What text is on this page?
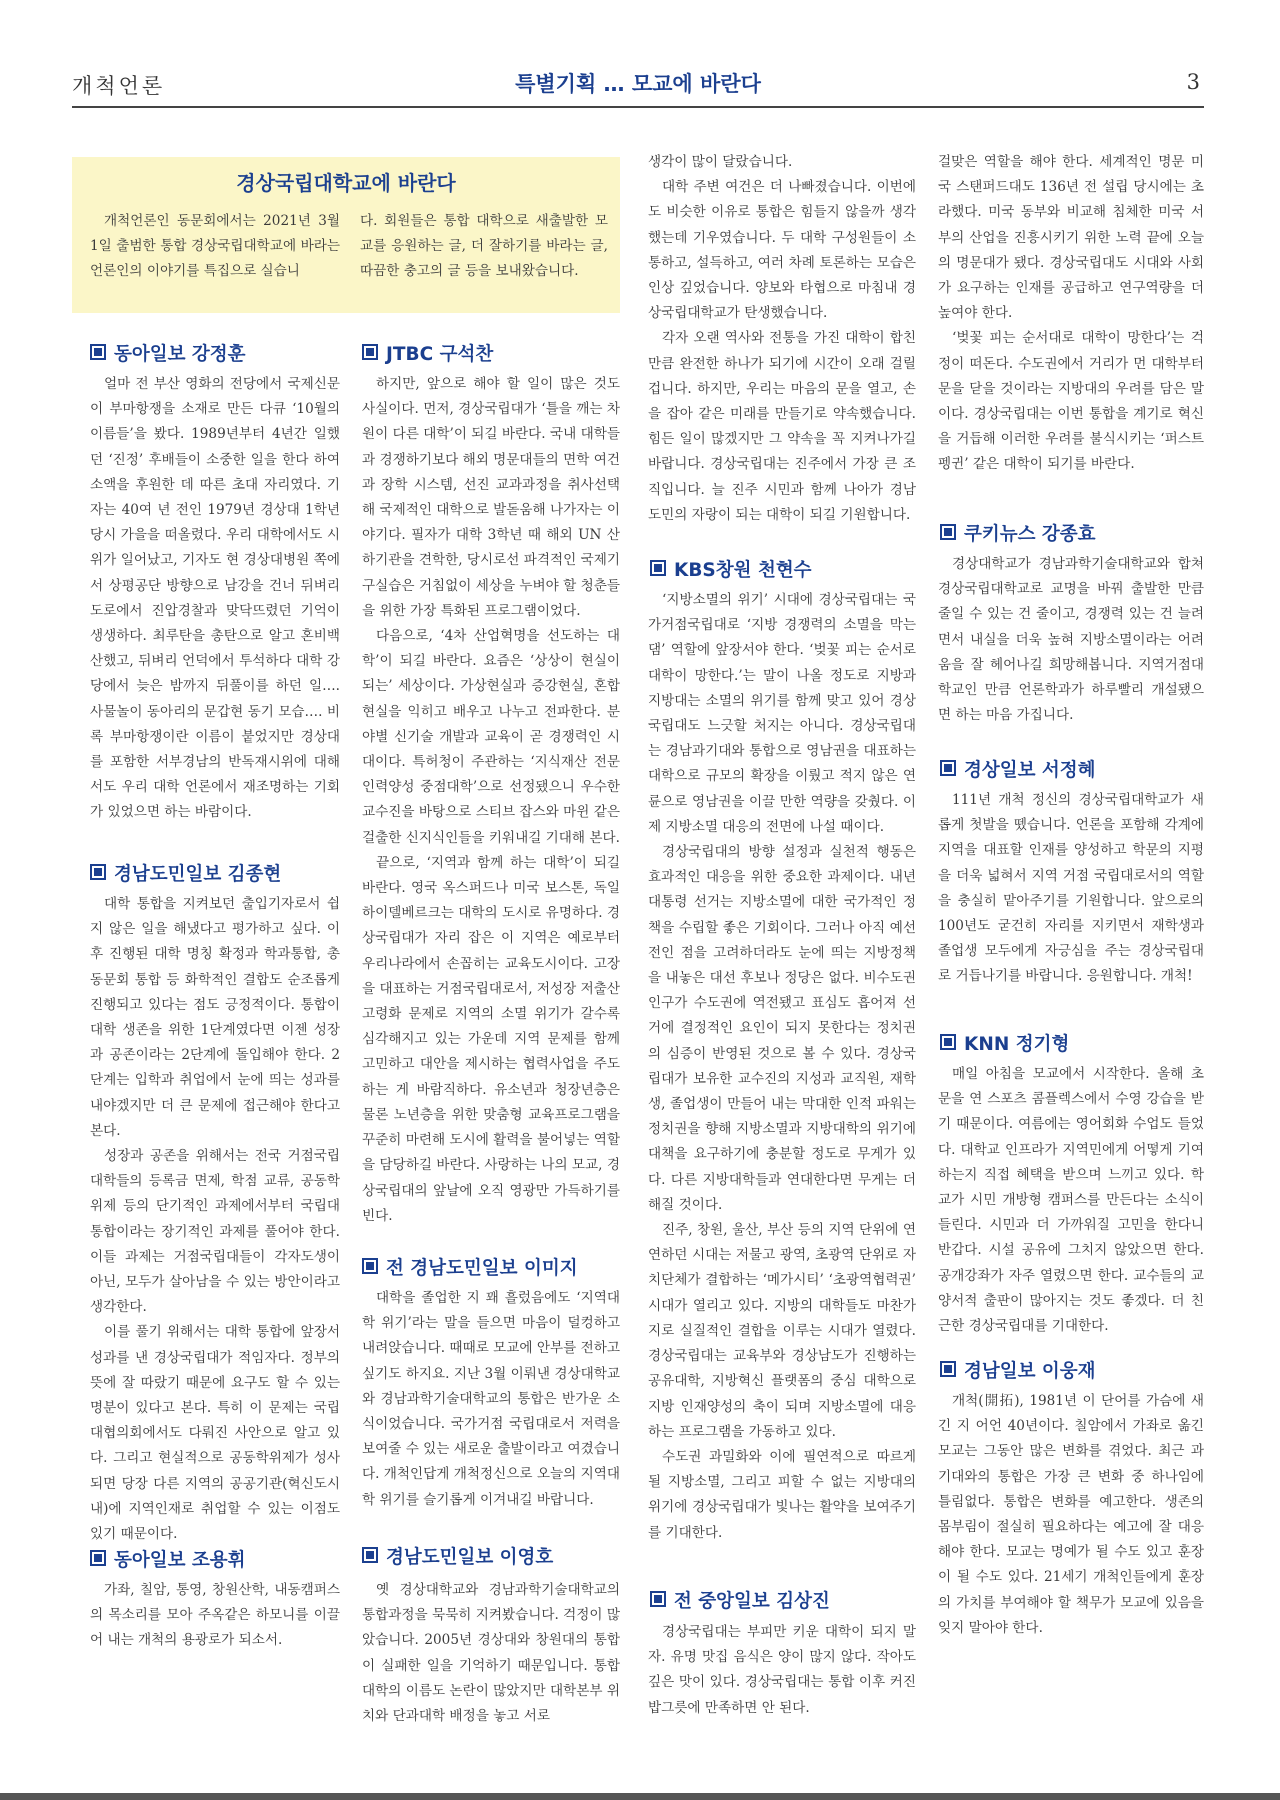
개척언론	특별기획 … 모교에 바란다	3
경상국립대학교에 바란다
개척언론인 동문회에서는 2021년 3월 1일 출범한 통합 경상국립대학교에 바라는 언론인의 이야기를 특집으로 실습니
다. 회원들은 통합 대학으로 새출발한 모교를 응원하는 글, 더 잘하기를 바라는 글, 따끔한 충고의 글 등을 보내왔습니다.
동아일보 강정훈

얼마 전 부산 영화의 전당에서 국제신문이 부마항쟁을 소재로 만든 다큐 ‘10월의 이름들’을 봤다. 1989년부터 4년간 일했던 ‘진정’ 후배들이 소중한 일을 한다 하여 소액을 후원한 데 따른 초대 자리였다. 기자는 40여 년 전인 1979년 경상대 1학년 당시 가을을 떠올렸다. 우리 대학에서도 시위가 일어났고, 기자도 현 경상대병원 쪽에서 상평공단 방향으로 남강을 건너 뒤벼리 도로에서 진압경찰과 맞닥뜨렸던 기억이 생생하다. 최루탄을 총탄으로 알고 혼비백산했고, 뒤벼리 언덕에서 투석하다 대학 강당에서 늦은 밤까지 뒤풀이를 하던 일…. 사물놀이 동아리의 문갑현 동기 모습…. 비록 부마항쟁이란 이름이 붙었지만 경상대를 포함한 서부경남의 반독재시위에 대해서도 우리 대학 언론에서 재조명하는 기회가 있었으면 하는 바람이다.

경남도민일보 김종현

대학 통합을 지켜보던 출입기자로서 쉽지 않은 일을 해냈다고 평가하고 싶다. 이후 진행된 대학 명칭 확정과 학과통합, 총동문회 통합 등 화학적인 결합도 순조롭게 진행되고 있다는 점도 긍정적이다. 통합이 대학 생존을 위한 1단계였다면 이젠 성장과 공존이라는 2단계에 돌입해야 한다. 2단계는 입학과 취업에서 눈에 띄는 성과를 내야겠지만 더 큰 문제에 접근해야 한다고 본다.

성장과 공존을 위해서는 전국 거점국립대학들의 등록금 면제, 학점 교류, 공동학위제 등의 단기적인 과제에서부터 국립대 통합이라는 장기적인 과제를 풀어야 한다. 이들 과제는 거점국립대들이 각자도생이 아닌, 모두가 살아남을 수 있는 방안이라고 생각한다.

이를 풀기 위해서는 대학 통합에 앞장서 성과를 낸 경상국립대가 적임자다. 정부의 뜻에 잘 따랐기 때문에 요구도 할 수 있는 명분이 있다고 본다. 특히 이 문제는 국립대협의회에서도 다뤄진 사안으로 알고 있다. 그리고 현실적으로 공동학위제가 성사되면 당장 다른 지역의 공공기관(혁신도시 내)에 지역인재로 취업할 수 있는 이점도 있기 때문이다.

동아일보 조용휘

가좌, 칠암, 통영, 창원산학, 내동캠퍼스의 목소리를 모아 주옥같은 하모니를 이끌어 내는 개척의 용광로가 되소서.

JTBC 구석찬

하지만, 앞으로 해야 할 일이 많은 것도 사실이다. 먼저, 경상국립대가 ‘틀을 깨는 차원이 다른 대학’이 되길 바란다. 국내 대학들과 경쟁하기보다 해외 명문대들의 면학 여건과 장학 시스템, 선진 교과과정을 취사선택해 국제적인 대학으로 발돋움해 나가자는 이야기다. 필자가 대학 3학년 때 해외 UN 산하기관을 견학한, 당시로선 파격적인 국제기구실습은 거침없이 세상을 누벼야 할 청춘들을 위한 가장 특화된 프로그램이었다.

다음으로, ‘4차 산업혁명을 선도하는 대학’이 되길 바란다. 요즘은 ‘상상이 현실이 되는’ 세상이다. 가상현실과 증강현실, 혼합현실을 익히고 배우고 나누고 전파한다. 분야별 신기술 개발과 교육이 곧 경쟁력인 시대이다. 특허청이 주관하는 ‘지식재산 전문인력양성 중점대학’으로 선정됐으니 우수한 교수진을 바탕으로 스티브 잡스와 마윈 같은 걸출한 신지식인들을 키워내길 기대해 본다.

끝으로, ‘지역과 함께 하는 대학’이 되길 바란다. 영국 옥스퍼드나 미국 보스톤, 독일 하이델베르크는 대학의 도시로 유명하다. 경상국립대가 자리 잡은 이 지역은 예로부터 우리나라에서 손꼽히는 교육도시이다. 고장을 대표하는 거점국립대로서, 저성장 저출산 고령화 문제로 지역의 소멸 위기가 갈수록 심각해지고 있는 가운데 지역 문제를 함께 고민하고 대안을 제시하는 협력사업을 주도하는 게 바람직하다. 유소년과 청장년층은 물론 노년층을 위한 맞춤형 교육프로그램을 꾸준히 마련해 도시에 활력을 불어넣는 역할을 담당하길 바란다. 사랑하는 나의 모교, 경상국립대의 앞날에 오직 영광만 가득하기를 빈다.

전 경남도민일보 이미지

대학을 졸업한 지 꽤 흘렀음에도 ‘지역대학 위기’라는 말을 들으면 마음이 덜컹하고 내려앉습니다. 때때로 모교에 안부를 전하고 싶기도 하지요. 지난 3월 이뤄낸 경상대학교와 경남과학기술대학교의 통합은 반가운 소식이었습니다. 국가거점 국립대로서 저력을 보여줄 수 있는 새로운 출발이라고 여겼습니다. 개척인답게 개척정신으로 오늘의 지역대학 위기를 슬기롭게 이겨내길 바랍니다.

경남도민일보 이영호

옛 경상대학교와 경남과학기술대학교의 통합과정을 묵묵히 지켜봤습니다. 걱정이 많았습니다. 2005년 경상대와 창원대의 통합이 실패한 일을 기억하기 때문입니다. 통합 대학의 이름도 논란이 많았지만 대학본부 위치와 단과대학 배정을 놓고 서로

생각이 많이 달랐습니다.

대학 주변 여건은 더 나빠졌습니다. 이번에도 비슷한 이유로 통합은 힘들지 않을까 생각했는데 기우였습니다. 두 대학 구성원들이 소통하고, 설득하고, 여러 차례 토론하는 모습은 인상 깊었습니다. 양보와 타협으로 마침내 경상국립대학교가 탄생했습니다.

각자 오랜 역사와 전통을 가진 대학이 합친 만큼 완전한 하나가 되기에 시간이 오래 걸릴 겁니다. 하지만, 우리는 마음의 문을 열고, 손을 잡아 같은 미래를 만들기로 약속했습니다. 힘든 일이 많겠지만 그 약속을 꼭 지켜나가길 바랍니다. 경상국립대는 진주에서 가장 큰 조직입니다. 늘 진주 시민과 함께 나아가 경남 도민의 자랑이 되는 대학이 되길 기원합니다.

KBS창원 천현수

‘지방소멸의 위기’ 시대에 경상국립대는 국가거점국립대로 ‘지방 경쟁력의 소멸을 막는 댐’ 역할에 앞장서야 한다. ‘벚꽃 피는 순서로 대학이 망한다.’는 말이 나올 정도로 지방과 지방대는 소멸의 위기를 함께 맞고 있어 경상국립대도 느긋할 처지는 아니다. 경상국립대는 경남과기대와 통합으로 영남권을 대표하는 대학으로 규모의 확장을 이뤘고 적지 않은 연륜으로 영남권을 이끌 만한 역량을 갖췄다. 이제 지방소멸 대응의 전면에 나설 때이다.

경상국립대의 방향 설정과 실천적 행동은 효과적인 대응을 위한 중요한 과제이다. 내년 대통령 선거는 지방소멸에 대한 국가적인 정책을 수립할 좋은 기회이다. 그러나 아직 예선전인 점을 고려하더라도 눈에 띄는 지방정책을 내놓은 대선 후보나 정당은 없다. 비수도권 인구가 수도권에 역전됐고 표심도 흡어져 선거에 결정적인 요인이 되지 못한다는 정치권의 심증이 반영된 것으로 볼 수 있다. 경상국립대가 보유한 교수진의 지성과 교직원, 재학생, 졸업생이 만들어 내는 막대한 인적 파워는 정치권을 향해 지방소멸과 지방대학의 위기에 대책을 요구하기에 충분할 정도로 무게가 있다. 다른 지방대학들과 연대한다면 무게는 더해질 것이다.

진주, 창원, 울산, 부산 등의 지역 단위에 연연하던 시대는 저물고 광역, 초광역 단위로 자치단체가 결합하는 ‘메가시티’ ‘초광역협력권’ 시대가 열리고 있다. 지방의 대학들도 마찬가지로 실질적인 결합을 이루는 시대가 열렸다. 경상국립대는 교육부와 경상남도가 진행하는 공유대학, 지방혁신 플랫폼의 중심 대학으로 지방 인재양성의 축이 되며 지방소멸에 대응하는 프로그램을 가동하고 있다.

수도권 과밀화와 이에 필연적으로 따르게 될 지방소멸, 그리고 피할 수 없는 지방대의 위기에 경상국립대가 빛나는 활약을 보여주기를 기대한다.

전 중앙일보 김상진

경상국립대는 부피만 키운 대학이 되지 말자. 유명 맛집 음식은 양이 많지 않다. 작아도 깊은 맛이 있다. 경상국립대는 통합 이후 커진 밥그릇에 만족하면 안 된다.

걸맞은 역할을 해야 한다. 세계적인 명문 미국 스탠퍼드대도 136년 전 설립 당시에는 초라했다. 미국 동부와 비교해 침체한 미국 서부의 산업을 진흥시키기 위한 노력 끝에 오늘의 명문대가 됐다. 경상국립대도 시대와 사회가 요구하는 인재를 공급하고 연구역량을 더 높여야 한다.

‘벚꽃 피는 순서대로 대학이 망한다’는 걱정이 떠돈다. 수도권에서 거리가 먼 대학부터 문을 닫을 것이라는 지방대의 우려를 담은 말이다. 경상국립대는 이번 통합을 계기로 혁신을 거듭해 이러한 우려를 불식시키는 ‘퍼스트 펭귄’ 같은 대학이 되기를 바란다.

쿠키뉴스 강종효

경상대학교가 경남과학기술대학교와 합쳐 경상국립대학교로 교명을 바꿔 출발한 만큼 줄일 수 있는 건 줄이고, 경쟁력 있는 건 늘려면서 내실을 더욱 높혀 지방소멸이라는 어려움을 잘 헤어나길 희망해봅니다. 지역거점대학교인 만큼 언론학과가 하루빨리 개설됐으면 하는 마음 가집니다.

경상일보 서정혜

111년 개척 정신의 경상국립대학교가 새롭게 첫발을 뗐습니다. 언론을 포함해 각계에 지역을 대표할 인재를 양성하고 학문의 지평을 더욱 넓혀서 지역 거점 국립대로서의 역할을 충실히 맡아주기를 기원합니다. 앞으로의 100년도 굳건히 자리를 지키면서 재학생과 졸업생 모두에게 자긍심을 주는 경상국립대로 거듭나기를 바랍니다. 응원합니다. 개척!

KNN 정기형

매일 아침을 모교에서 시작한다. 올해 초 문을 연 스포츠 콤플렉스에서 수영 강습을 받기 때문이다. 여름에는 영어회화 수업도 들었다. 대학교 인프라가 지역민에게 어떻게 기여하는지 직접 혜택을 받으며 느끼고 있다. 학교가 시민 개방형 캠퍼스를 만든다는 소식이 들린다. 시민과 더 가까워질 고민을 한다니 반갑다. 시설 공유에 그치지 않았으면 한다. 공개강좌가 자주 열렸으면 한다. 교수들의 교양서적 출판이 많아지는 것도 좋겠다. 더 친근한 경상국립대를 기대한다.

경남일보 이웅재

개척(開拓), 1981년 이 단어를 가슴에 새긴 지 어언 40년이다. 칠암에서 가좌로 옮긴 모교는 그동안 많은 변화를 겪었다. 최근 과기대와의 통합은 가장 큰 변화 중 하나임에 틀림없다. 통합은 변화를 예고한다. 생존의 몸부림이 절실히 필요하다는 예고에 잘 대응해야 한다. 모교는 명예가 될 수도 있고 훈장이 될 수도 있다. 21세기 개척인들에게 훈장의 가치를 부여해야 할 책무가 모교에 있음을 잊지 말아야 한다.
